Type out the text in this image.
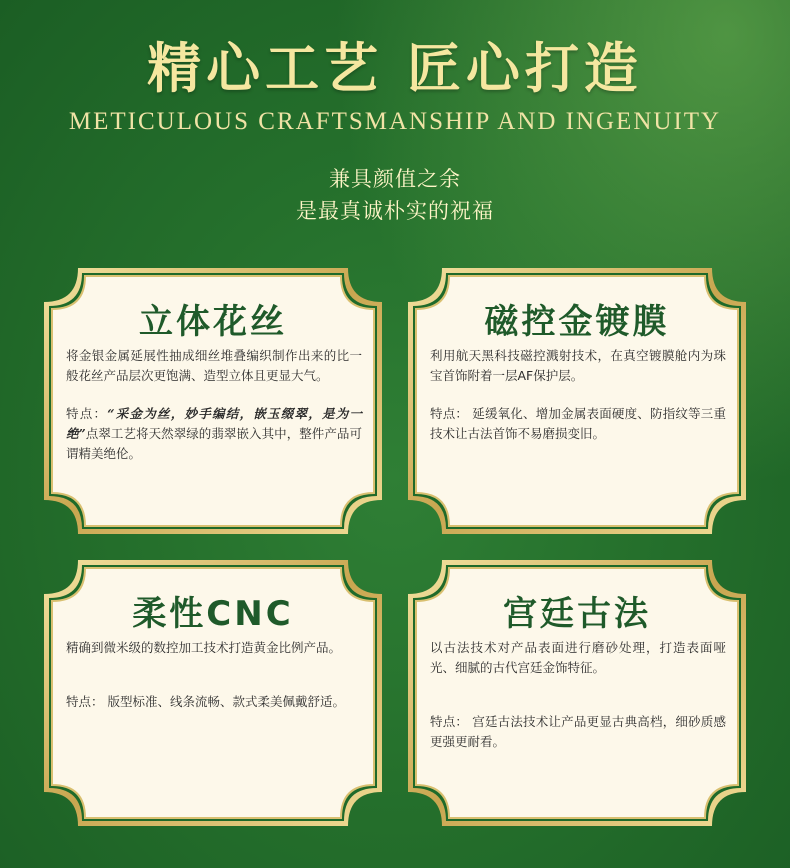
精心工艺 匠心打造
METICULOUS CRAFTSMANSHIP AND INGENUITY
兼具颜值之余
是最真诚朴实的祝福
立体花丝

将金银金属延展性抽成细丝堆叠编织制作出来的比一般花丝产品层次更饱满、造型立体且更显大气。

特点：“采金为丝，妙手编结，嵌玉缀翠，是为一绝”点翠工艺将天然翠绿的翡翠嵌入其中，整件产品可谓精美绝伦。

磁控金镀膜

利用航天黑科技磁控溅射技术，在真空镀膜舱内为珠宝首饰附着一层AF保护层。

特点： 延缓氧化、增加金属表面硬度、防指纹等三重技术让古法首饰不易磨损变旧。

柔性CNC

精确到微米级的数控加工技术打造黄金比例产品。

特点： 版型标准、线条流畅、款式柔美佩戴舒适。

宫廷古法

以古法技术对产品表面进行磨砂处理，打造表面哑光、细腻的古代宫廷金饰特征。

特点： 宫廷古法技术让产品更显古典高档，细砂质感更强更耐看。
